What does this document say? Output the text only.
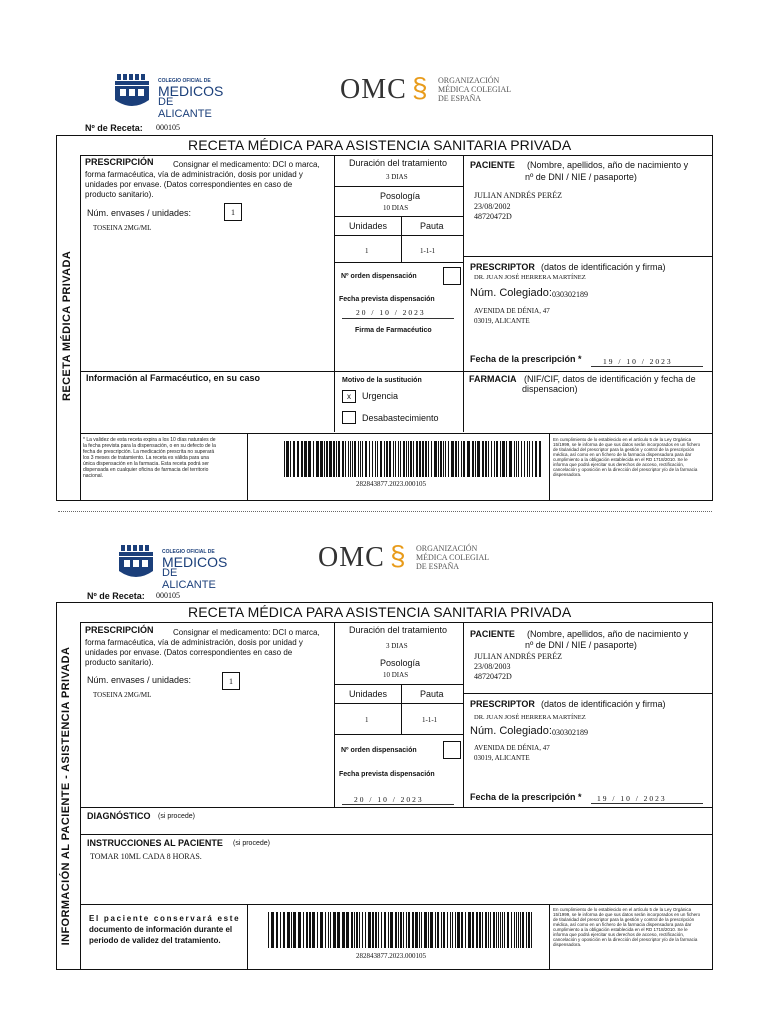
COLEGIO OFICIAL DE
MEDICOS
DE ALICANTE
OMC § ORGANIZACIÓN
MÉDICA COLEGIAL
DE ESPAÑA
Nº de Receta: 000105
RECETA MÉDICA PARA ASISTENCIA SANITARIA PRIVADA
RECETA MÉDICA PRIVADA
PRESCRIPCIÓN Consignar el medicamento: DCI o marca,
forma farmacéutica, vía de administración, dosis por unidad y
unidades por envase. (Datos correspondientes en caso de
producto sanitario).
Núm. envases / unidades:	1
TOSEINA 2MG/ML
Duración del tratamiento
3 DIAS
Posología
10 DIAS
Unidades	Pauta
1	1-1-1
Nº orden dispensación
Fecha prevista dispensación
20 / 10 / 2023
Firma de Farmacéutico
PACIENTE (Nombre, apellidos, año de nacimiento y
nº de DNI / NIE / pasaporte)
JULIAN ANDRÉS PERÉZ
23/08/2002
48720472D
PRESCRIPTOR (datos de identificación y firma)
DR. JUAN JOSÉ HERRERA MARTÍNEZ
Núm. Colegiado: 030302189
AVENIDA DE DÉNIA, 47
03019, ALICANTE
Fecha de la prescripción *	19 / 10 / 2023
Información al Farmacéutico, en su caso	Motivo de la sustitución
x	Urgencia
Desabastecimiento
FARMACIA (NIF/CIF, datos de identificación y fecha de
dispensacion)
* La validez de esta receta expira a los 10 días naturales de
la fecha prevista para la dispensación, o en su defecto de la
fecha de prescripción. La medicación prescrita no superará
los 3 meses de tratamiento. La receta es válida para una
única dispensación en la farmacia. Esta receta podrá ser
dispensada en cualquier oficina de farmacia del territorio
nacional.
282843877.2023.000105
En cumplimiento de lo establecido en el artículo 5 de la Ley Orgánica
15/1999, se le informa de que sus datos serán incorporados en un fichero
de titularidad del prescriptor para la gestión y control de la prescripción
médica, así como en un fichero de la farmacia dispensadora para dar
cumplimiento a la obligación establecida en el RD 1718/2010. Se le
informa que podrá ejercitar sus derechos de acceso, rectificación,
cancelación y oposición en la dirección del prescriptor y/o de la farmacia
dispensadora.
COLEGIO OFICIAL DE
MEDICOS
DE ALICANTE
OMC § ORGANIZACIÓN
MÉDICA COLEGIAL
DE ESPAÑA
Nº de Receta: 000105
RECETA MÉDICA PARA ASISTENCIA SANITARIA PRIVADA
INFORMACIÓN AL PACIENTE - ASISTENCIA PRIVADA
PRESCRIPCIÓN Consignar el medicamento: DCI o marca,
forma farmacéutica, vía de administración, dosis por unidad y
unidades por envase. (Datos correspondientes en caso de
producto sanitario).
Núm. envases / unidades:	1
TOSEINA 2MG/ML
Duración del tratamiento
3 DIAS
Posología
10 DIAS
Unidades	Pauta
1	1-1-1
Nº orden dispensación
Fecha prevista dispensación
20 / 10 / 2023
PACIENTE (Nombre, apellidos, año de nacimiento y
nº de DNI / NIE / pasaporte)
JULIAN ANDRÉS PERÉZ
23/08/2003
48720472D
PRESCRIPTOR (datos de identificación y firma)
DR. JUAN JOSÉ HERRERA MARTÍNEZ
Núm. Colegiado: 030302189
AVENIDA DE DÉNIA, 47
03019, ALICANTE
Fecha de la prescripción * 19 / 10 / 2023
DIAGNÓSTICO (si procede)
INSTRUCCIONES AL PACIENTE (si procede)
TOMAR 10ML CADA 8 HORAS.
El paciente conservará este
documento de información durante el
periodo de validez del tratamiento.
282843877.2023.000105
En cumplimiento de lo establecido en el artículo 5 de la Ley Orgánica
15/1999, se le informa de que sus datos serán incorporados en un fichero
de titularidad del prescriptor para la gestión y control de la prescripción
médica, así como en un fichero de la farmacia dispensadora para dar
cumplimiento a la obligación establecida en el RD 1718/2010. Se le
informa que podrá ejercitar sus derechos de acceso, rectificación,
cancelación y oposición en la dirección del prescriptor y/o de la farmacia
dispensadora.
